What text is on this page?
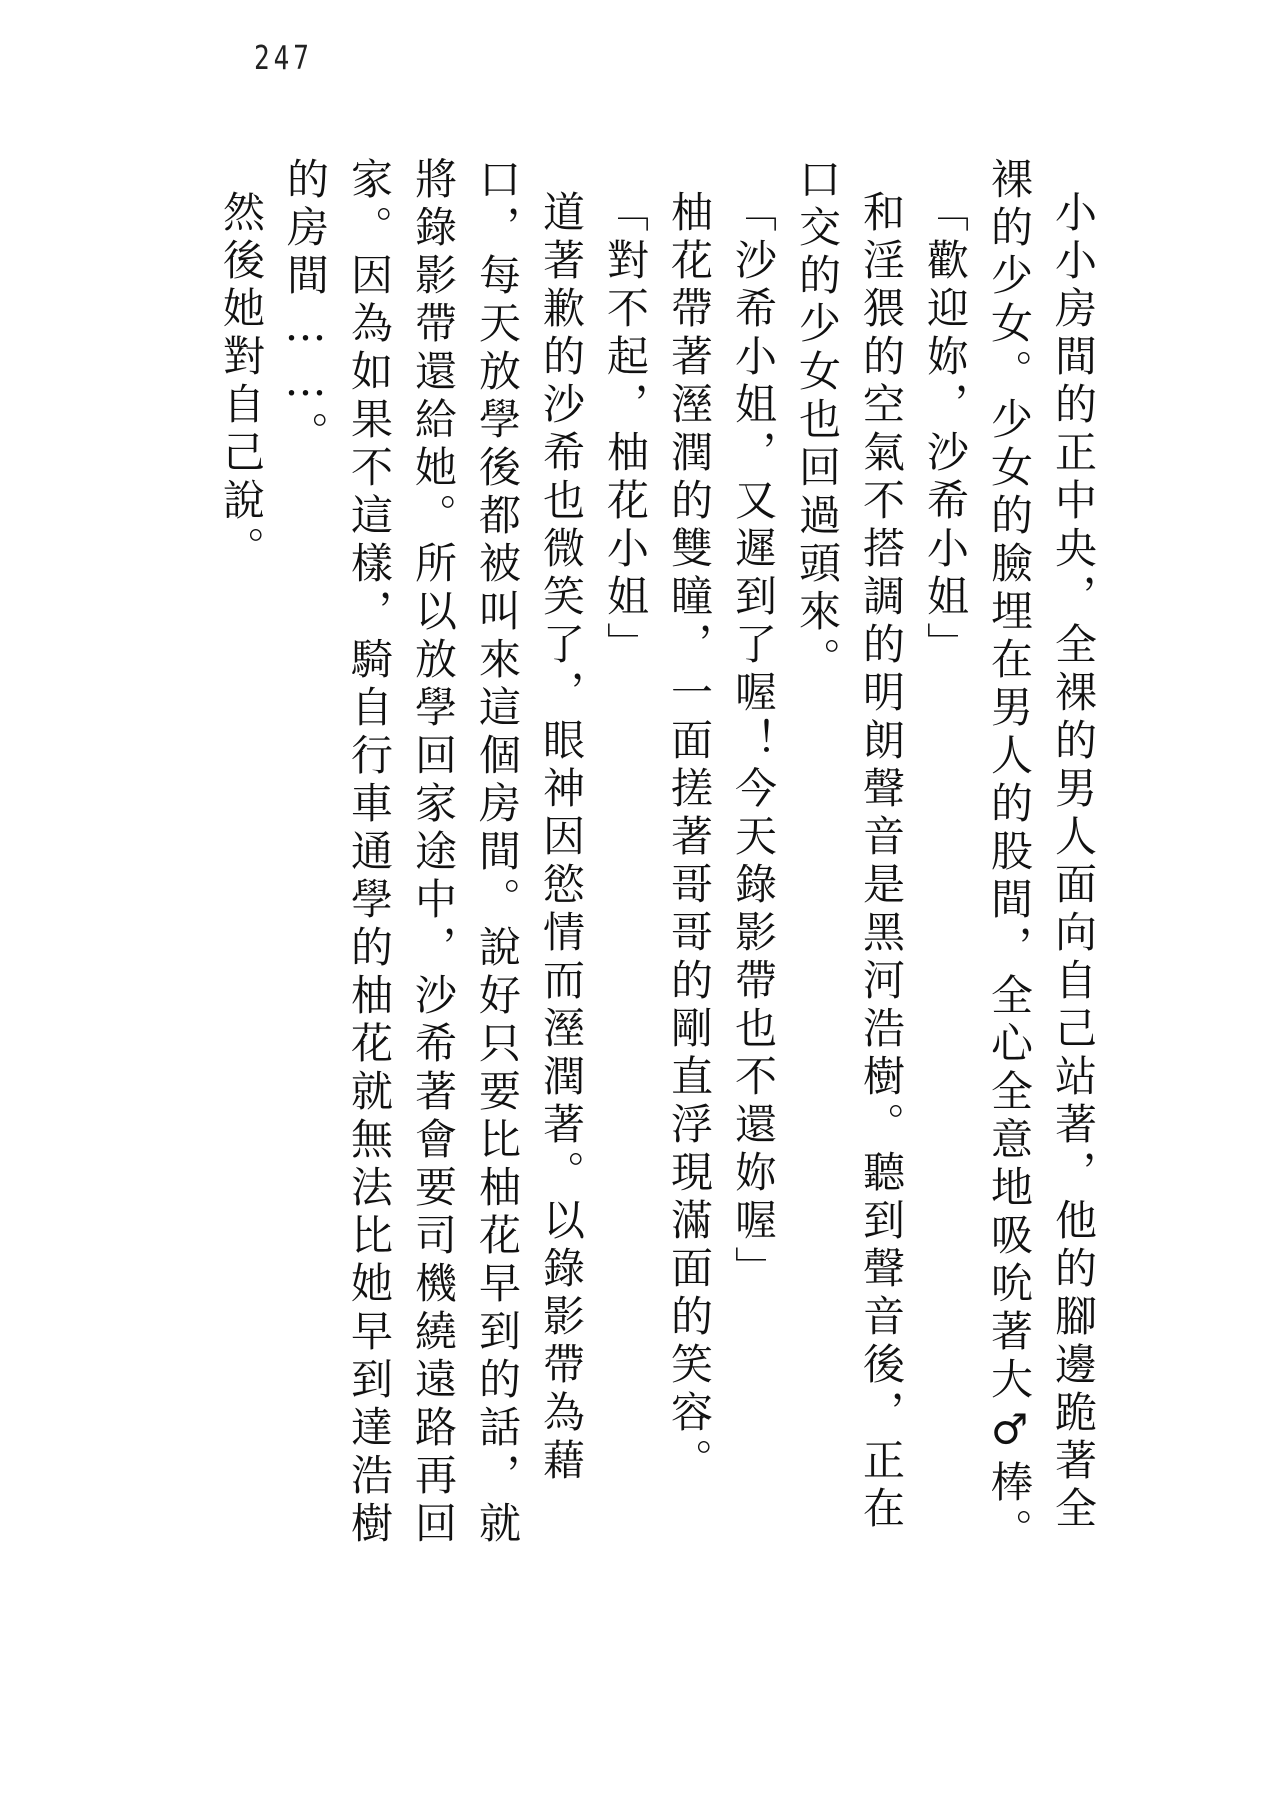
247
小小房間的正中央，全裸的男人面向自己站著，他的腳邊跪著全
裸的少女。少女的臉埋在男人的股間，全心全意地吸吮著大♂棒。
「歡迎妳，沙希小姐」
和淫猥的空氣不搭調的明朗聲音是黑河浩樹。聽到聲音後，正在
口交的少女也回過頭來。
「沙希小姐，又遲到了喔！今天錄影帶也不還妳喔」
柚花帶著溼潤的雙瞳，一面搓著哥哥的剛直浮現滿面的笑容。
「對不起，柚花小姐」
道著歉的沙希也微笑了，眼神因慾情而溼潤著。以錄影帶為藉
口，每天放學後都被叫來這個房間。說好只要比柚花早到的話，就
將錄影帶還給她。所以放學回家途中，沙希著會要司機繞遠路再回
家。因為如果不這樣，騎自行車通學的柚花就無法比她早到達浩樹
的房間……。
然後她對自己說。
